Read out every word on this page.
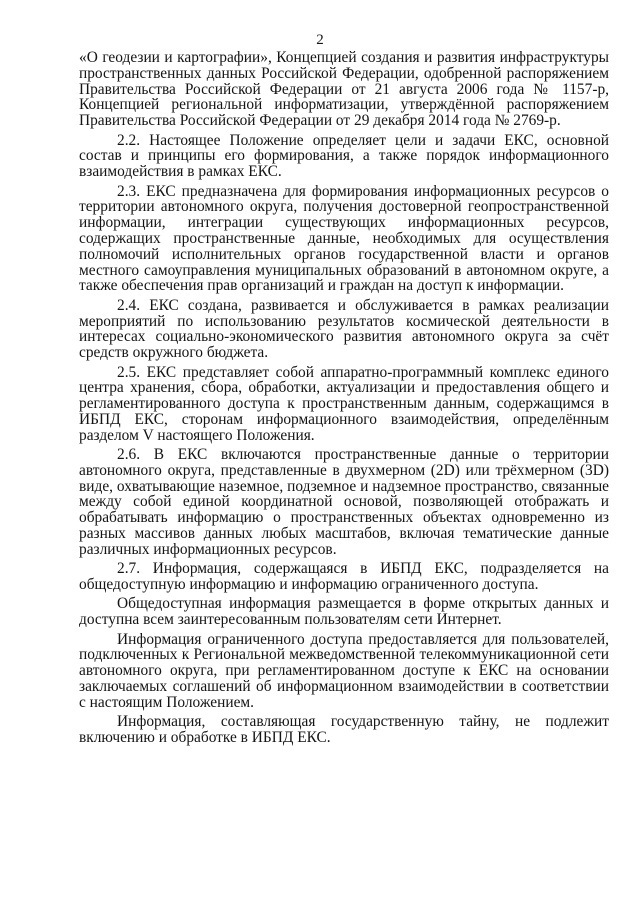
2

«О геодезии и картографии», Концепцией создания и развития инфраструктуры пространственных данных Российской Федерации, одобренной распоряжением Правительства Российской Федерации от 21 августа 2006 года № 1157-р, Концепцией региональной информатизации, утверждённой распоряжением Правительства Российской Федерации от 29 декабря 2014 года № 2769-р.

2.2. Настоящее Положение определяет цели и задачи ЕКС, основной состав и принципы его формирования, а также порядок информационного взаимодействия в рамках ЕКС.

2.3. ЕКС предназначена для формирования информационных ресурсов о территории автономного округа, получения достоверной геопространственной информации, интеграции существующих информационных ресурсов, содержащих пространственные данные, необходимых для осуществления полномочий исполнительных органов государственной власти и органов местного самоуправления муниципальных образований в автономном округе, а также обеспечения прав организаций и граждан на доступ к информации.

2.4. ЕКС создана, развивается и обслуживается в рамках реализации мероприятий по использованию результатов космической деятельности в интересах социально-экономического развития автономного округа за счёт средств окружного бюджета.

2.5. ЕКС представляет собой аппаратно-программный комплекс единого центра хранения, сбора, обработки, актуализации и предоставления общего и регламентированного доступа к пространственным данным, содержащимся в ИБПД ЕКС, сторонам информационного взаимодействия, определённым разделом V настоящего Положения.

2.6. В ЕКС включаются пространственные данные о территории автономного округа, представленные в двухмерном (2D) или трёхмерном (3D) виде, охватывающие наземное, подземное и надземное пространство, связанные между собой единой координатной основой, позволяющей отображать и обрабатывать информацию о пространственных объектах одновременно из разных массивов данных любых масштабов, включая тематические данные различных информационных ресурсов.

2.7. Информация, содержащаяся в ИБПД ЕКС, подразделяется на общедоступную информацию и информацию ограниченного доступа.

Общедоступная информация размещается в форме открытых данных и доступна всем заинтересованным пользователям сети Интернет.

Информация ограниченного доступа предоставляется для пользователей, подключенных к Региональной межведомственной телекоммуникационной сети автономного округа, при регламентированном доступе к ЕКС на основании заключаемых соглашений об информационном взаимодействии в соответствии с настоящим Положением.

Информация, составляющая государственную тайну, не подлежит включению и обработке в ИБПД ЕКС.
